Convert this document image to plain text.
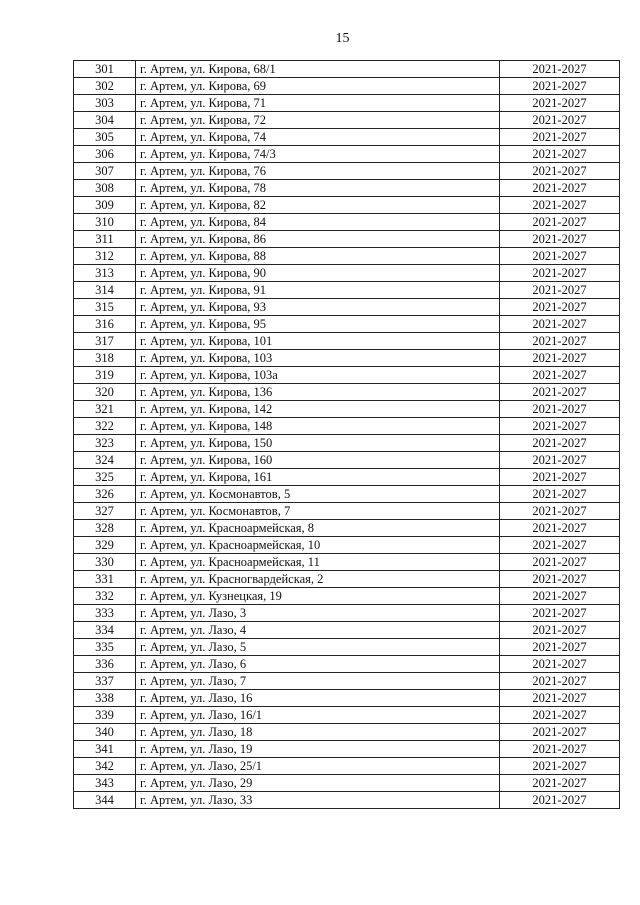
15
301	г. Артем, ул. Кирова, 68/1	2021-2027
302	г. Артем, ул. Кирова, 69	2021-2027
303	г. Артем, ул. Кирова, 71	2021-2027
304	г. Артем, ул. Кирова, 72	2021-2027
305	г. Артем, ул. Кирова, 74	2021-2027
306	г. Артем, ул. Кирова, 74/3	2021-2027
307	г. Артем, ул. Кирова, 76	2021-2027
308	г. Артем, ул. Кирова, 78	2021-2027
309	г. Артем, ул. Кирова, 82	2021-2027
310	г. Артем, ул. Кирова, 84	2021-2027
311	г. Артем, ул. Кирова, 86	2021-2027
312	г. Артем, ул. Кирова, 88	2021-2027
313	г. Артем, ул. Кирова, 90	2021-2027
314	г. Артем, ул. Кирова, 91	2021-2027
315	г. Артем, ул. Кирова, 93	2021-2027
316	г. Артем, ул. Кирова, 95	2021-2027
317	г. Артем, ул. Кирова, 101	2021-2027
318	г. Артем, ул. Кирова, 103	2021-2027
319	г. Артем, ул. Кирова, 103а	2021-2027
320	г. Артем, ул. Кирова, 136	2021-2027
321	г. Артем, ул. Кирова, 142	2021-2027
322	г. Артем, ул. Кирова, 148	2021-2027
323	г. Артем, ул. Кирова, 150	2021-2027
324	г. Артем, ул. Кирова, 160	2021-2027
325	г. Артем, ул. Кирова, 161	2021-2027
326	г. Артем, ул. Космонавтов, 5	2021-2027
327	г. Артем, ул. Космонавтов, 7	2021-2027
328	г. Артем, ул. Красноармейская, 8	2021-2027
329	г. Артем, ул. Красноармейская, 10	2021-2027
330	г. Артем, ул. Красноармейская, 11	2021-2027
331	г. Артем, ул. Красногвардейская, 2	2021-2027
332	г. Артем, ул. Кузнецкая, 19	2021-2027
333	г. Артем, ул. Лазо, 3	2021-2027
334	г. Артем, ул. Лазо, 4	2021-2027
335	г. Артем, ул. Лазо, 5	2021-2027
336	г. Артем, ул. Лазо, 6	2021-2027
337	г. Артем, ул. Лазо, 7	2021-2027
338	г. Артем, ул. Лазо, 16	2021-2027
339	г. Артем, ул. Лазо, 16/1	2021-2027
340	г. Артем, ул. Лазо, 18	2021-2027
341	г. Артем, ул. Лазо, 19	2021-2027
342	г. Артем, ул. Лазо, 25/1	2021-2027
343	г. Артем, ул. Лазо, 29	2021-2027
344	г. Артем, ул. Лазо, 33	2021-2027
